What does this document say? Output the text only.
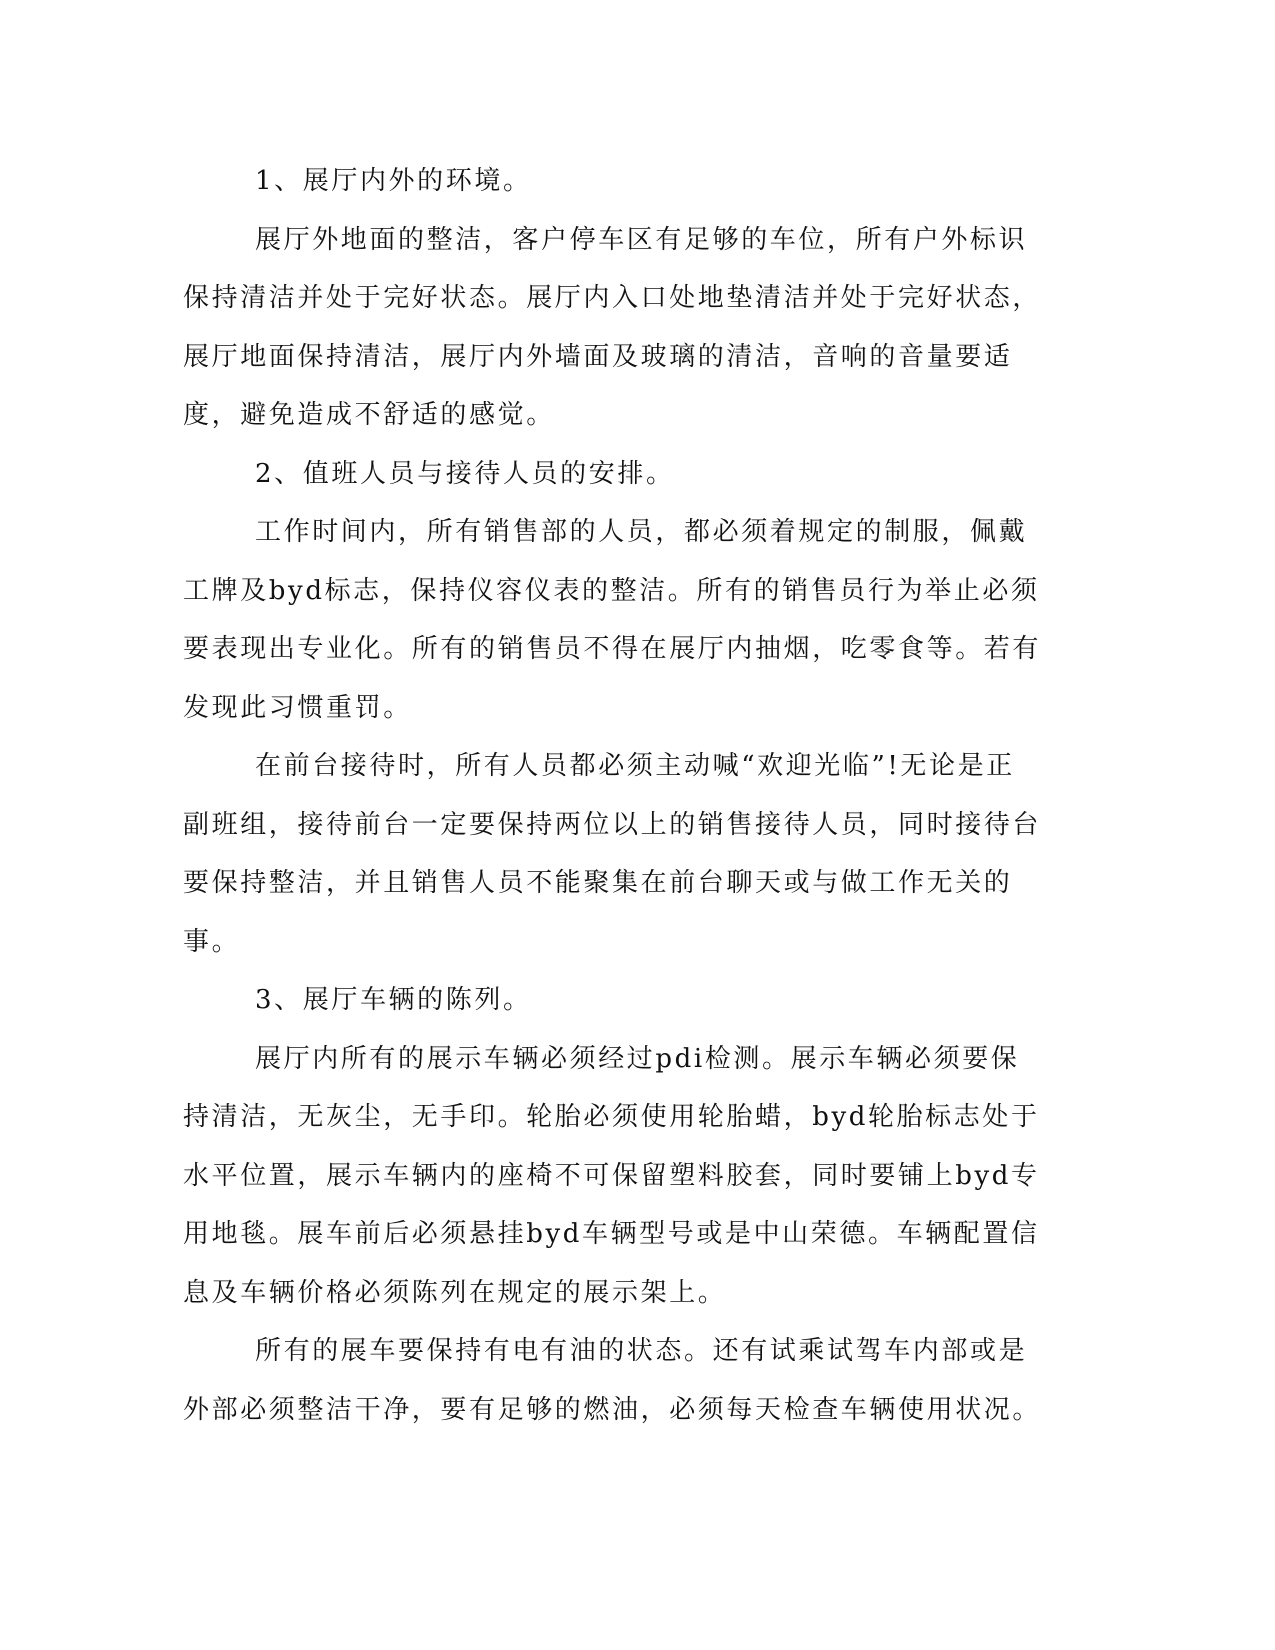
1、展厅内外的环境。

展厅外地面的整洁，客户停车区有足够的车位，所有户外标识保持清洁并处于完好状态。展厅内入口处地垫清洁并处于完好状态，展厅地面保持清洁，展厅内外墙面及玻璃的清洁，音响的音量要适度，避免造成不舒适的感觉。

2、值班人员与接待人员的安排。

工作时间内，所有销售部的人员，都必须着规定的制服，佩戴工牌及byd标志，保持仪容仪表的整洁。所有的销售员行为举止必须要表现出专业化。所有的销售员不得在展厅内抽烟，吃零食等。若有发现此习惯重罚。

在前台接待时，所有人员都必须主动喊“欢迎光临”!无论是正副班组，接待前台一定要保持两位以上的销售接待人员，同时接待台要保持整洁，并且销售人员不能聚集在前台聊天或与做工作无关的事。

3、展厅车辆的陈列。

展厅内所有的展示车辆必须经过pdi检测。展示车辆必须要保持清洁，无灰尘，无手印。轮胎必须使用轮胎蜡，byd轮胎标志处于水平位置，展示车辆内的座椅不可保留塑料胶套，同时要铺上byd专用地毯。展车前后必须悬挂byd车辆型号或是中山荣德。车辆配置信息及车辆价格必须陈列在规定的展示架上。

所有的展车要保持有电有油的状态。还有试乘试驾车内部或是外部必须整洁干净，要有足够的燃油，必须每天检查车辆使用状况。
